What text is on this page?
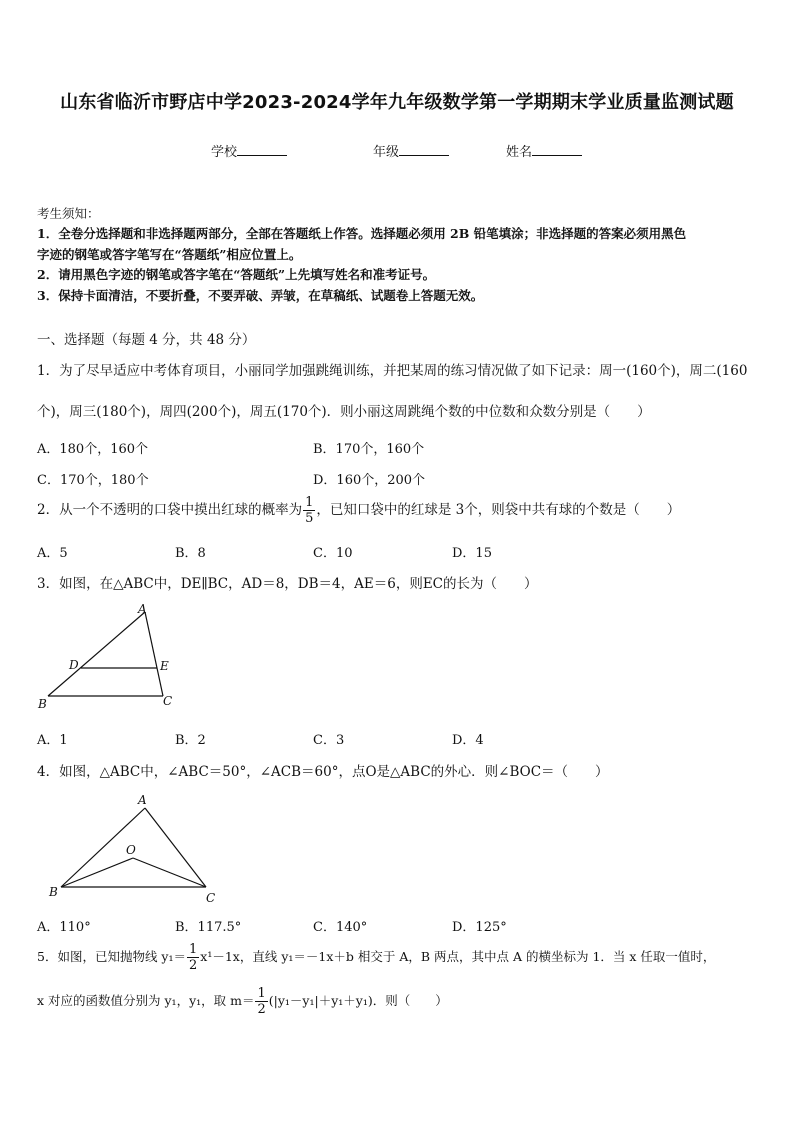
山东省临沂市野店中学2023-2024学年九年级数学第一学期期末学业质量监测试题
学校	年级	姓名
考生须知：
1．全卷分选择题和非选择题两部分，全部在答题纸上作答。选择题必须用 2B 铅笔填涂；非选择题的答案必须用黑色
字迹的钢笔或答字笔写在“答题纸”相应位置上。
2．请用黑色字迹的钢笔或答字笔在“答题纸”上先填写姓名和准考证号。
3．保持卡面清洁，不要折叠，不要弄破、弄皱，在草稿纸、试题卷上答题无效。
一、选择题（每题 4 分，共 48 分）
1．为了尽早适应中考体育项目，小丽同学加强跳绳训练，并把某周的练习情况做了如下记录：周一(160个)，周二(160
个)，周三(180个)，周四(200个)，周五(170个)．则小丽这周跳绳个数的中位数和众数分别是（　　）
A．180个，160个	B．170个，160个
C．170个，180个	D．160个，200个
2．从一个不透明的口袋中摸出红球的概率为 $\frac{1}{5}$ ，已知口袋中的红球是 3个，则袋中共有球的个数是（　　）
A．5	B．8	C．10	D．15
3．如图，在△ABC中，DE∥BC，AD＝8，DB＝4，AE＝6，则EC的长为（　　）
A
B	C
D	E
A．1	B．2	C．3	D．4
4．如图，△ABC中，∠ABC＝50°，∠ACB＝60°，点O是△ABC的外心．则∠BOC＝（　　）
A
B	C
O
A．110°	B．117.5°	C．140°	D．125°
5．如图，已知抛物线 $y_1= \frac{1}{2} x^1-1x$，直线 y₁＝－1x＋b 相交于 A，B 两点，其中点 A 的横坐标为 1．当 x 任取一值时，
x 对应的函数值分别为 y₁，y₁，取 $m= \frac{1}{2} (|y_1-y_1|+y_1+y_1)$．则（　　）
